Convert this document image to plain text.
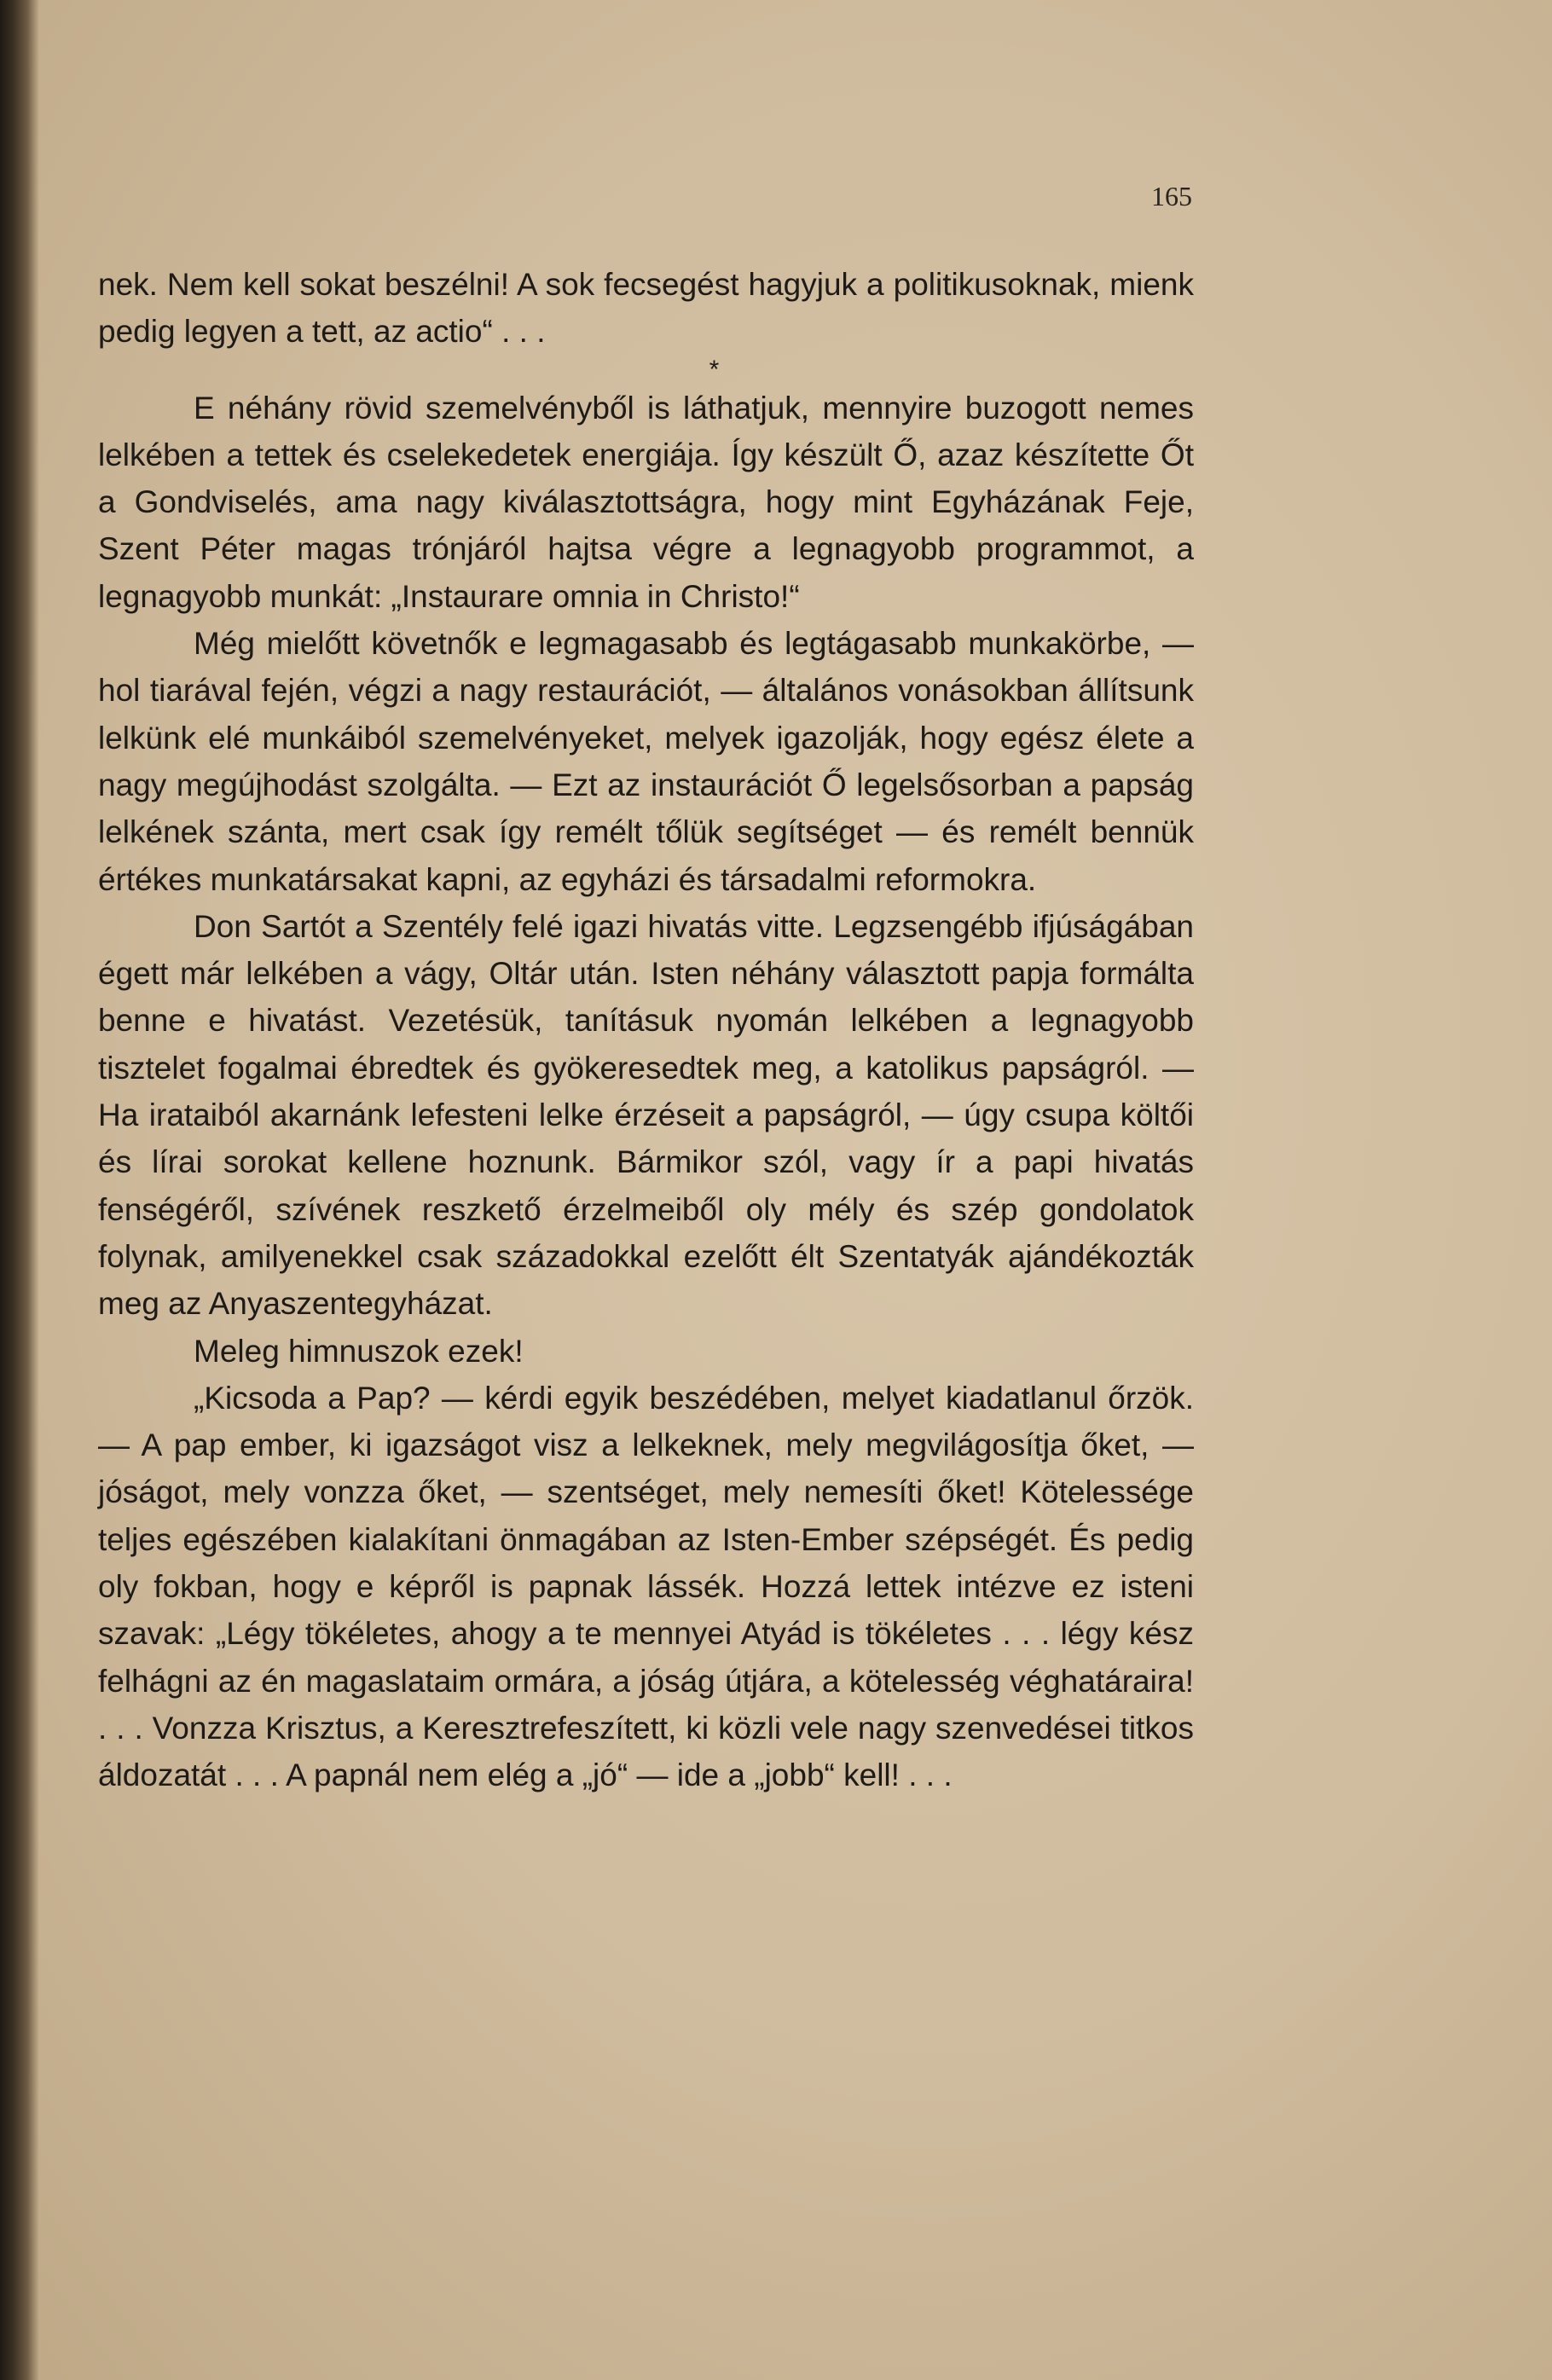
165

nek. Nem kell sokat beszélni! A sok fecsegést hagyjuk a politikusoknak, mienk pedig legyen a tett, az actio“ . . .

*

E néhány rövid szemelvényből is láthatjuk, mennyire buzogott nemes lelkében a tettek és cselekedetek energiája. Így készült Ő, azaz készítette Őt a Gondviselés, ama nagy kiválasztottságra, hogy mint Egyházának Feje, Szent Péter magas trónjáról hajtsa végre a legnagyobb programmot, a legnagyobb munkát: „Instaurare omnia in Christo!“

Még mielőtt követnők e legmagasabb és legtágasabb munkakörbe, — hol tiarával fején, végzi a nagy restaurációt, — általános vonásokban állítsunk lelkünk elé munkáiból szemelvényeket, melyek igazolják, hogy egész élete a nagy megújhodást szolgálta. — Ezt az instaurációt Ő legelsősorban a papság lelkének szánta, mert csak így remélt tőlük segítséget — és remélt bennük értékes munkatársakat kapni, az egyházi és társadalmi reformokra.

Don Sartót a Szentély felé igazi hivatás vitte. Legzsengébb ifjúságában égett már lelkében a vágy, Oltár után. Isten néhány választott papja formálta benne e hivatást. Vezetésük, tanításuk nyomán lelkében a legnagyobb tisztelet fogalmai ébredtek és gyökeresedtek meg, a katolikus papságról. — Ha irataiból akarnánk lefesteni lelke érzéseit a papságról, — úgy csupa költői és lírai sorokat kellene hoznunk. Bármikor szól, vagy ír a papi hivatás fenségéről, szívének reszkető érzelmeiből oly mély és szép gondolatok folynak, amilyenekkel csak századokkal ezelőtt élt Szentatyák ajándékozták meg az Anyaszentegyházat.

Meleg himnuszok ezek!

„Kicsoda a Pap? — kérdi egyik beszédében, melyet kiadatlanul őrzök. — A pap ember, ki igazságot visz a lelkeknek, mely megvilágosítja őket, — jóságot, mely vonzza őket, — szentséget, mely nemesíti őket! Kötelessége teljes egészében kialakítani önmagában az Isten-Ember szépségét. És pedig oly fokban, hogy e képről is papnak lássék. Hozzá lettek intézve ez isteni szavak: „Légy tökéletes, ahogy a te mennyei Atyád is tökéletes . . . légy kész felhágni az én magaslataim ormára, a jóság útjára, a kötelesség véghatáraira! . . . Vonzza Krisztus, a Keresztrefeszített, ki közli vele nagy szenvedései titkos áldozatát . . . A papnál nem elég a „jó“ — ide a „jobb“ kell! . . .
